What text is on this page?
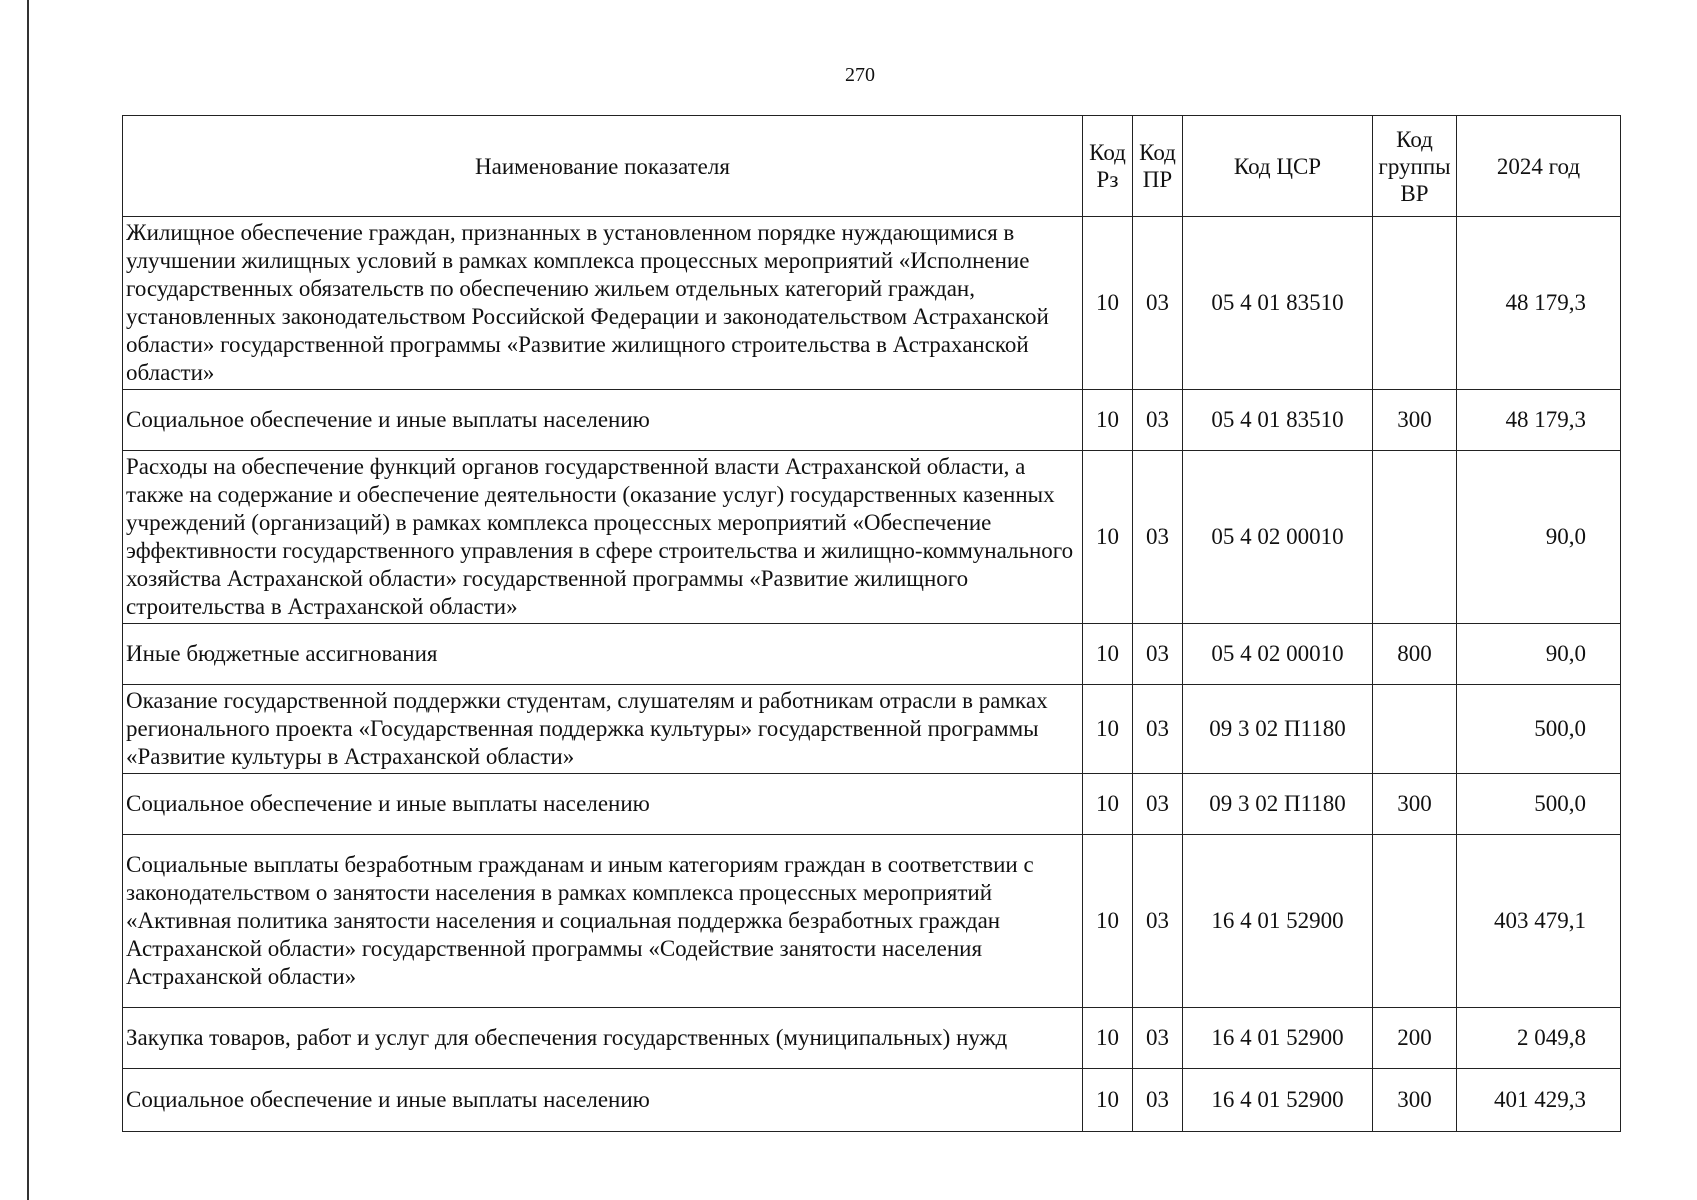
270
Наименование показателя	Код Рз	Код ПР	Код ЦСР	Код группы ВР	2024 год
Жилищное обеспечение граждан, признанных в установленном порядке нуждающимися в улучшении жилищных условий в рамках комплекса процессных мероприятий «Исполнение государственных обязательств по обеспечению жильем отдельных категорий граждан, установленных законодательством Российской Федерации и законодательством Астраханской области» государственной программы «Развитие жилищного строительства в Астраханской области»	10	03	05 4 01 83510		48 179,3
Социальное обеспечение и иные выплаты населению	10	03	05 4 01 83510	300	48 179,3
Расходы на обеспечение функций органов государственной власти Астраханской области, а также на содержание и обеспечение деятельности (оказание услуг) государственных казенных учреждений (организаций) в рамках комплекса процессных мероприятий «Обеспечение эффективности государственного управления в сфере строительства и жилищно-коммунального хозяйства Астраханской области» государственной программы «Развитие жилищного строительства в Астраханской области»	10	03	05 4 02 00010		90,0
Иные бюджетные ассигнования	10	03	05 4 02 00010	800	90,0
Оказание государственной поддержки студентам, слушателям и работникам отрасли в рамках регионального проекта «Государственная поддержка культуры» государственной программы «Развитие культуры в Астраханской области»	10	03	09 3 02 П1180		500,0
Социальное обеспечение и иные выплаты населению	10	03	09 3 02 П1180	300	500,0
Социальные выплаты безработным гражданам и иным категориям граждан в соответствии с законодательством о занятости населения в рамках комплекса процессных мероприятий «Активная политика занятости населения и социальная поддержка безработных граждан Астраханской области» государственной программы «Содействие занятости населения Астраханской области»	10	03	16 4 01 52900		403 479,1
Закупка товаров, работ и услуг для обеспечения государственных (муниципальных) нужд	10	03	16 4 01 52900	200	2 049,8
Социальное обеспечение и иные выплаты населению	10	03	16 4 01 52900	300	401 429,3
